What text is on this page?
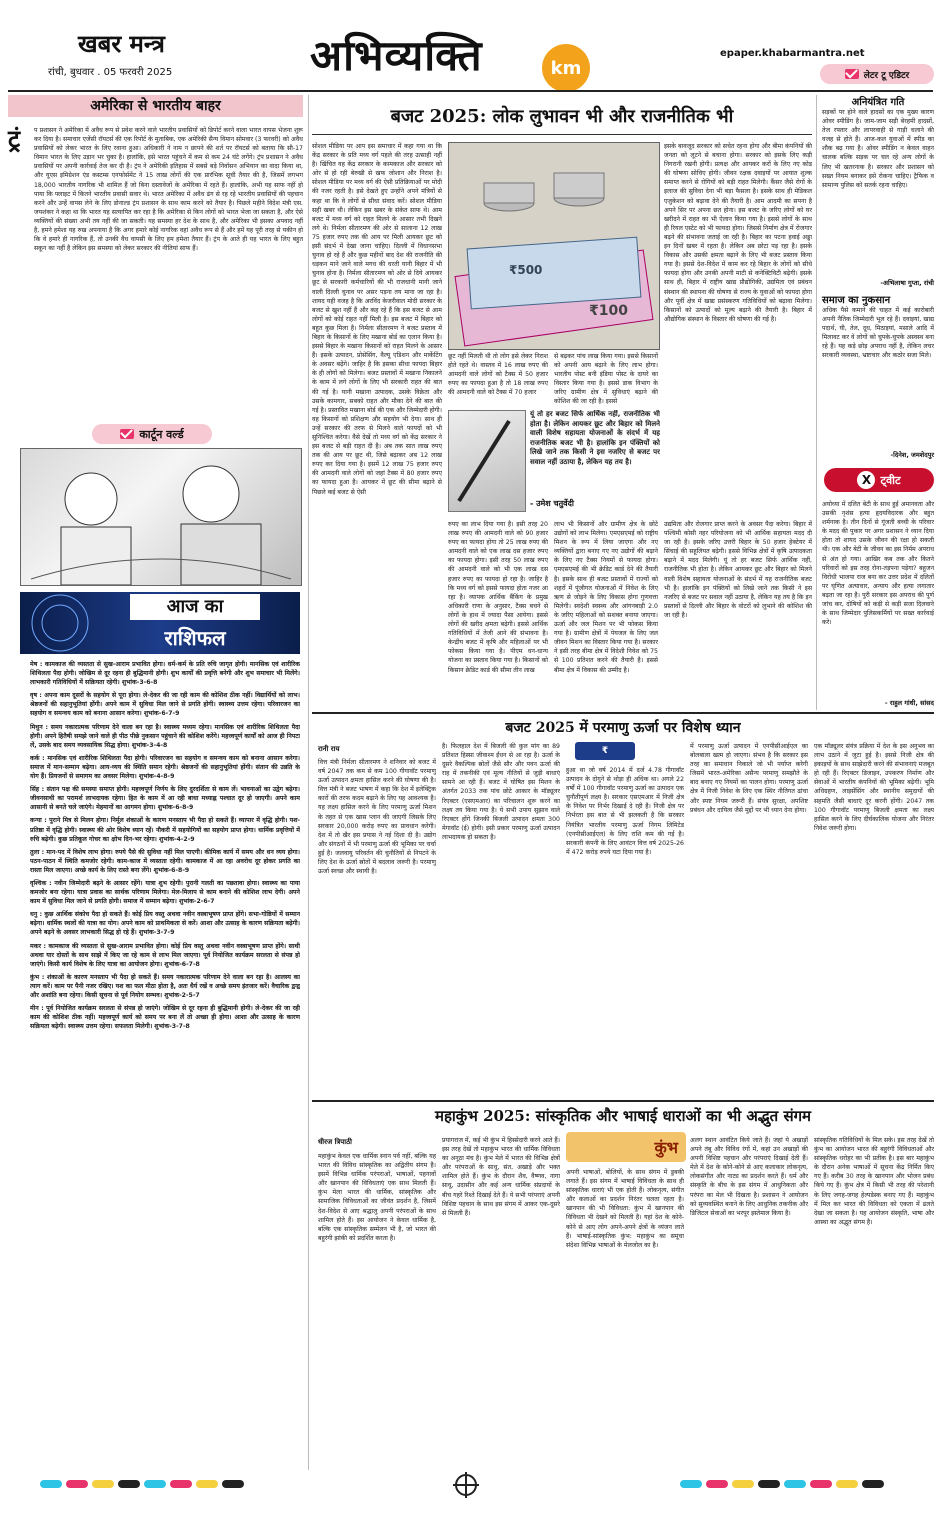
खबर मन्त्र
रांची, बुधवार . 05 फरवरी 2025	अभिव्यक्ति	km
epaper.khabarmantra.net
लेटर टू एडिटर
अमेरिका से भारतीय बाहर
ट्रं प प्रशासन ने अमेरिका में अवैध रूप से प्रवेश करने वाले भारतीय प्रवासियों को डिपोर्ट करने वाला भारत वापस भेजना शुरू कर दिया है। समाचार एजेंसी रॉयटर्स की एक रिपोर्ट के मुताबिक, एक अमेरिकी सैन्य विमान सोमवार (3 फरवरी) को अवैध प्रवासियों को लेकर भारत के लिए रवाना हुआ। अधिकारी ने नाम न छापने की शर्त पर रॉयटर्स को बताया कि सी-17 विमान भारत के लिए उड़ान भर चुका है। हालांकि, इसे भारत पहुंचने में कम से कम 24 घंटे लगेंगे। ट्रंप प्रशासन ने अवैध प्रवासियों पर अपनी कार्रवाई तेज कर दी है। ट्रंप ने अमेरिकी इतिहास में सबसे बड़े निर्वासन अभियान का वादा किया था, और यूएस इमिग्रेशन एंड कस्टम्स एनफोर्समेंट ने 15 लाख लोगों की एक प्रारंभिक सूची तैयार की है, जिसमें लगभग 18,000 भारतीय नागरिक भी शामिल हैं जो बिना दस्तावेजों के अमेरिका में रहते हैं। हालांकि, अभी यह साफ नहीं हो पाया कि फ्लाइट में कितने भारतीय प्रवासी सवार थे। भारत अमेरिका में अवैध ढंग से रह रहे भारतीय प्रवासियों की पहचान करने और उन्हें वापस लेने के लिए डोनाल्ड ट्रंप प्रशासन के साथ काम करने को तैयार है। पिछले महीने विदेश मंत्री एस. जयशंकर ने कहा था कि भारत यह सत्यापित कर रहा है कि अमेरिका से किन लोगों को भारत भेजा जा सकता है, और ऐसे व्यक्तियों की संख्या अभी तय नहीं की जा सकती। यह समस्या हर देश के साथ है, और अमेरिका भी इसका अपवाद नहीं है, हमने हमेशा यह रुख अपनाया है कि अगर हमारे कोई नागरिक वहां अवैध रूप से हैं और हमें यह पूरी तरह से यकीन हो कि वे हमारे ही नागरिक हैं, तो उनकी वैध वापसी के लिए हम हमेशा तैयार हैं। ट्रंप के आते ही यह भारत के लिए बहुत सकून का नहीं है लेकिन इस समस्या को लेकर सरकार की नीतियां साफ हैं।
कार्टून वर्ल्ड
आज का
राशिफल
मेष : कामकाज की व्यस्तता से सुख-आराम प्रभावित होगा। धर्म-कर्म के प्रति रुचि जागृत होगी। मानसिक एवं शारीरिक शिथिलता पैदा होगी। जोखिम से दूर रहना ही बुद्धिमानी होगी। शुभ कार्यों की प्रवृत्ति बनेगी और शुभ समाचार भी मिलेंगे। लाभकारी गतिविधियों में सक्रियता रहेगी। शुभांक-3-6-8
वृष : अपना काम दूसरों के सहयोग से पूरा होगा। ले-देकर की जा रही काम की कोशिश ठीक नहीं। विद्यार्थियों को लाभ। श्रेष्ठजनों की सहानुभूतियां होंगी। अपने काम में सुविधा मिल जाने से प्रगति होगी। स्वास्थ्य उत्तम रहेगा। परिवारजन का सहयोग व समन्वय काम को बनाना आसान करेगा। शुभांक-6-7-9
मिथुन : समय नकारात्मक परिणाम देने वाला बन रहा है। स्वास्थ्य मध्यम रहेगा। मानसिक एवं शारीरिक शिथिलता पैदा होगी। अपने हितैषी समझे जाने वाले ही पीठ पीछे नुकसान पहुंचाने की कोशिश करेंगे। महत्त्वपूर्ण कार्यों को आज ही निपटा लें, उसके बाद समय व्यवसायिक सिद्ध होगा। शुभांक-3-4-8
कर्क : मानसिक एवं शारीरिक शिथिलता पैदा होगी। परिवारजन का सहयोग व समन्वय काम को बनाना आसान करेगा। समाज में मान-सम्मान बढ़ेगा। आय-व्यय की स्थिति समान रहेगी। श्रेष्ठजनों की सहानुभूतियां होंगी। संतान की उन्नति के योग हैं। प्रियजनों से समागम का अवसर मिलेगा। शुभांक-4-8-9
सिंह : संतान पक्ष की समस्या समाप्त होगी। महत्त्वपूर्ण निर्णय के लिए दुरदर्शिता से काम लें। भावनाओं का उद्वेग बढ़ेगा। जीवनसाथी का परामर्श लाभदायक रहेगा। हित के काम में आ रही बाधा मध्याह्न पश्चात दूर हो जाएगी। अपने काम आसानी से बनते चले जाएंगे। मेहमानों का आगमन होगा। शुभांक-6-8-9
कन्या : पुराने मित्र से मिलन होगा। निर्मूल शंकाओं के कारण मनस्ताप भी पैदा हो सकते हैं। व्यापार में वृद्धि होगी। यश-प्रतिष्ठा में वृद्धि होगी। स्वास्थ्य की ओर विशेष ध्यान रहें। नौकरी में सहयोगियों का सहयोग प्राप्त होगा। धार्मिक प्रवृत्तियों में रुचि बढ़ेगी। कुछ प्रतिकूल गोचर का क्षोभ दिन-भर रहेगा। शुभांक-4-2-9
तुला : मान-पद में विशेष लाभ होगा। रुपये पैसे की सुविधा नहीं मिल पाएगी। कीमिक कार्य में समय और धन व्यय होगा। पठन-पाठन में स्थिति कमजोर रहेगी। काम-काज में व्यस्तता रहेगी। कामकाज में आ रहा अवरोध दूर होकर प्रगति का रास्ता मिल जाएगा। अच्छे कार्य के लिए रास्ते बना लेंगे। शुभांक-6-8-9
वृश्चिक : नवीन जिम्मेदारी बढ़ने के आसार रहेंगे। यात्रा शुभ रहेगी। पुरानी गलती का पछतावा होगा। स्वास्थ्य का पाया कमजोर बना रहेगा। यात्रा प्रवास का सार्थक परिणाम मिलेगा। मेल-मिलाप से काम बनाने की कोशिश लाभ देगी। अपने काम में सुविधा मिल जाने से प्रगति होगी। समाज में सम्मान बढ़ेगा। शुभांक-2-6-7
धनु : कुछ आर्थिक संकोच पैदा हो सकते हैं। कोई प्रिय वस्तु अथवा नवीन वस्त्राभूषण प्राप्त होंगे। सभा-गोष्ठियों में सम्मान बढ़ेगा। धार्मिक स्थलों की यात्रा का योग। अपने काम को प्राथमिकता से करें। आशा और उत्साह के कारण सक्रियता बढ़ेगी। अपने बढ़ने के अवसर लाभकारी सिद्ध हो रहे हैं। शुभांक-3-7-9
मकर : कामकाज की व्यस्तता से सुख-आराम प्रभावित होगा। कोई प्रिय वस्तु अथवा नवीन वस्त्राभूषण प्राप्त होंगे। साथी अथवा यार दोस्तों के साथ साझे में किए जा रहे काम से लाभ मिल जाएगा। पूर्व नियोजित कार्यक्रम सरलता से संपन्न हो जाएंगे। किसी कार्य विशेष के लिए यात्रा का आयोजन होगा। शुभांक-6-7-8
कुंभ : शंकाओं के कारण मनस्ताप भी पैदा हो सकते हैं। समय नकारात्मक परिणाम देने वाला बन रहा है। आलस्य का त्याग करें। काम पर पैनी नजर रखिए। यश का फल मीठा होता है, अतः धैर्य रखें व अच्छे समय इंतजार करें। वैचारिक द्वन्द्व और अशांति बना रहेगा। किसी सूचना से पूर्व नियोग सम्भव। शुभांक-2-5-7
मीन : पूर्व नियोजित कार्यक्रम सरलता से संपन्न हो जाएंगे। जोखिम से दूर रहना ही बुद्धिमानी होगी। ले-देकर की जा रही काम की कोशिश ठीक नहीं। महत्त्वपूर्ण कार्य को समय पर बना लें तो अच्छा ही होगा। आशा और उत्साह के कारण सक्रियता बढ़ेगी। स्वास्थ्य उत्तम रहेगा। सफलता मिलेगी। शुभांक-3-7-8
बजट 2025: लोक लुभावन भी और राजनीतिक भी
सोशल मीडिया पर आप इस समाचार में कहा गया था कि केंद्र सरकार के प्रति मध्य वर्ग पहले की तरह उत्साही नहीं है। खिंचित वह केंद्र सरकार के कामकाज और सरकार को ओर से हो रही बेरुखी से खफ जोशान और निराश है। सोशल मीडिया पर मध्य वर्ग की ऐसी प्रतिक्रियाओं पर मोदी की नजर रहती है। इसे देखते हुए उन्होंने अपने मंत्रियों से कहा था कि वे लोगों से सीधा संवाद करें। सोशल मीडिया सही खबर थी। लेकिन इस खबर के संकेत साफ थे। आम बजट में मध्य वर्ग को राहत मिलने के आसार तभी दिखने लगे थे। निर्मला सीतारमण की ओर से सालाना 12 लाख 75 हजार रुपए तक की आय पर मिली आयकर छूट को इसी संदर्भ में देखा जाना चाहिए। दिल्ली में विधानसभा चुनाव हो रहे हैं और कुछ महीनों बाद देश की राजनीति की धड़कन माने जाने वाले मगध की धरती यानी बिहार में भी चुनाव होना है। निर्मला सीतारमण को ओर से दिये आयकर छूट से सरकारी कर्मचारियों की भी राजधानी मानी जाने वाली दिल्ली चुनाव पर असर पड़ना तय माना जा रहा है। शायद यही वजह है कि अरविंद केजरीवाल मोदी सरकार के बजट से खुश नहीं हैं और कह रहे हैं कि इस बजट से आम लोगों को कोई राहत नहीं मिली है। इस बजट में बिहार को बहुत कुछ मिला है। निर्मला सीतारमण ने बजट प्रस्ताव में बिहार के किसानों के लिए मखाना बोर्ड का एलान किया है। इससे बिहार के मखाना किसानों को राहत मिलने के आसार हैं। इसके उत्पादन, प्रोसेसिंग, वैल्यू एडिशन और मार्केटिंग के अवसर बढ़ेंगे। जाहिर है कि इसका सीधा फायदा बिहार के ही लोगों को मिलेगा। बजट प्रस्तावों में मखाना निकालने के काम में लगे लोगों के लिए भी सरकारी राहत की बात की गई है। यानी मखाना उत्पादक, उसके विक्रेता और उसके कामगार, सबको राहत और मौका देने की बात की गई है। प्रस्तावित मखाना बोर्ड की एक और जिम्मेदारी होगी। वह किसानों को प्रशिक्षण और सहयोग भी देगा। साथ ही उन्हें सरकार की तरफ से मिलने वाले फायदों को भी सुनिश्चित करेगा। वैसे देखें तो मध्य वर्ग को केंद्र सरकार ने इस बजट से बड़ी राहत दी है। अब तक सात लाख रुपए तक की आय पर छूट थी, जिसे बढ़ाकर अब 12 लाख रुपए कर दिया गया है। इसमें 12 लाख 75 हजार रुपए की आमदनी वाले लोगों को जहां टैक्स में 80 हजार रुपए का फायदा हुआ है। आयकर में छूट की सीमा बढ़ाने से पिछले कई बजट से ऐसी
₹100
₹500
छूट नहीं मिलती थी तो लोग इसे लेकर निराश होते रहते थे। वास्तव में 16 लाख रुपए की आमदनी वाले लोगों को टैक्स में 50 हजार रुपए का फायदा हुआ है तो 18 लाख रुपए की आमदनी वाले को टैक्स में 70 हजार
से बढ़कर पांच लाख किया गया। इससे किसानों को अपनी आय बढ़ाने के लिए लाभ होगा। भारतीय पोस्ट बनी इंडिया पोस्ट के दायरे का विस्तार किया गया है। इससे डाक विभाग के जरिए ग्रामीण क्षेत्र में सुविधाएं बढ़ाने की कोशिश की जा रही है। इससे
यूं तो हर बजट सिर्फ आर्थिक नहीं, राजनीतिक भी होता है। लेकिन आयकर छूट और बिहार को मिलने वाली विशेष सहायता योजनाओं के संदर्भ में यह राजनीतिक बजट भी है। हालांकि इन पंक्तियों को लिखे जाने तक किसी ने इस नजरिए से बजट पर सवाल नहीं उठाया है, लेकिन यह तय है।
- उमेश चतुर्वेदी
रुपए का लाभ दिया गया है। इसी तरह 20 लाख रुपए की आमदनी वाले को 90 हजार रुपए का फायदा होगा तो 25 लाख रुपए की आमदनी वाले को एक लाख दस हजार रुपए का फायदा होगा। इसी तरह 50 लाख रुपए की आमदनी वाले को भी एक लाख दस हजार रुपए का फायदा हो रहा है। जाहिर है कि मध्य वर्ग को इससे फायदा होता नजर आ रहा है। व्यापक आर्थिक बैंकिंग के प्रमुख अधिकारी राणा के अनुसार, टैक्स बचने से लोगों के हाथ में ज्यादा पैसा आयेगा। इससे लोगों की खरीद क्षमता बढ़ेगी। इससे आर्थिक गतिविधियों में तेजी आने की संभावना है। केन्द्रीय बजट में कृषि और महिलाओं पर भी फोकस किया गया है। पीएम धन-धान्य योजना का प्रस्ताव किया गया है। किसानों को किसान क्रेडिट कार्ड की सीमा तीन लाख
लाभ भी किसानों और ग्रामीण क्षेत्र के छोटे उद्योगों को लाभ मिलेगा। एमएसएमई को राष्ट्रीय मिशन के रूप में लिया जाएगा और नए व्यक्तियों द्वारा बनाए गए नए उद्योगों की बढ़ाने के लिए नए टैक्स नियमों से फायदा होगा। एमएसएमई की भी क्रेडिट कार्ड देने की तैयारी है। इसके साथ ही बजट प्रस्तावों में राज्यों को शहरों में पूंजीगत योजनाओं में निवेश के लिए ऋण से जोड़ने के लिए विकास होगा गुणवत्ता मिलेगी। स्वदेशी स्वस्थ्य और आंगनबाड़ी 2.0 के जरिए महिलाओं को सशक्त बनाया जाएगा। ऊर्जा और जल मिशन पर भी फोकस किया गया है। ग्रामीण क्षेत्रों में पेयजल के लिए जल जीवन मिशन का विस्तार किया गया है। सरकार ने इसी तरह बीमा क्षेत्र में विदेशी निवेश को 75 से 100 प्रतिशत करने की तैयारी है। इससे बीमा क्षेत्र में विकास की उम्मीद है।
इसके बावजूद सरकार को सचेत रहना होगा और बीमा कंपनियों की जनता को लूटने से बचाना होगा। सरकार को इसके लिए कड़ी निगरानी रखनी होगी। प्रत्यक्ष और आयकर करों के लिए नए कोड की घोषणा सोचिए होगी। जीवन रक्षक दवाइयों पर आयात शुल्क समाप्त करने से रोगियों को बड़ी राहत मिलेगी। कैंसर जैसे रोगों के इलाज की सुविधा देना भी बड़ा फैसला है। इसके साथ ही मेडिकल एजुकेशन को बढ़ावा देने की तैयारी है। आम आदमी का सपना है अपने सिर पर अपना छत होना। इस बजट के जरिए लोगों को घर खरीदने में राहत का भी ऐलान किया गया है। इससे लोगों के साथ ही रियल एस्टेट को भी फायदा होगा। जिससे निर्माण क्षेत्र में रोजगार बढ़ने की संभावना जताई जा रही है। बिहार का पटना हवाई अड्डा इन दिनों खबर में रहता है। लेकिन अब छोटा पड़ रहा है। इसके विकास और उसकी क्षमता बढ़ाने के लिए भी बजट प्रस्ताव किया गया है। इससे देश-विदेश में काम कर रहे बिहार के लोगों को सीधे फायदा होगा और उनकी अपनी माटी से कनेक्टिविटी बढ़ेगी। इसके साथ ही, बिहार में राष्ट्रीय खाद्य प्रौद्योगिकी, उद्यमिता एवं प्रबंधन संस्थान की स्थापना की घोषणा से राज्य के युवाओं को फायदा होगा और पूर्वी क्षेत्र में खाद्य प्रसंस्करण गतिविधियों को बढ़ावा मिलेगा। किसानों को उत्पादों को मूल्य बढ़ाने की तैयारी है। बिहार में औद्योगिक संस्थान के विस्तार की घोषणा की गई है।
उद्यमिता और रोजगार प्राप्त करने के अवसर पैदा करेगा। बिहार में पश्चिमी कोसी नहर परियोजना को भी आर्थिक सहायता मदद दी जा रही है। इसके जरिए उत्तरी बिहार के 50 हजार हेक्टेयर में सिंचाई की सहूलियत बढ़ेगी। इससे विभिन्न क्षेत्रों में कृषि उत्पादकता बढ़ाने में मदद मिलेगी। यूं तो हर बजट सिर्फ आर्थिक नहीं, राजनीतिक भी होता है। लेकिन आयकर छूट और बिहार को मिलने वाली विशेष सहायता योजनाओं के संदर्भ में यह राजनीतिक बजट भी है। हालांकि इन पंक्तियों को लिखे जाने तक किसी ने इस नजरिए से बजट पर सवाल नहीं उठाया है, लेकिन यह तय है कि इन प्रस्तावों से दिल्ली और बिहार के वोटरों को लुभाने की कोशिश की जा रही है।
अनियंत्रित गति
सड़कों पर होने वाले हादसों का एक मुख्य कारण ओवर स्पीडिंग है। जाम-जाम सड़ी बेरहमी हादसों, तेज रफ्तार और लापरवाही से गाड़ी चलाने की वजह से होते हैं। आज-कल युवाओं में स्पीड का शौक बढ़ गया है। ओवर स्पीडिंग न केवल वाहन चालक बल्कि सड़क पर चल रहे अन्य लोगों के लिए भी खतरनाक है। सरकार और प्रशासन को सख्त नियम बनाकर इसे रोकना चाहिए। ट्रैफिक व सामान्य पुलिस को सतर्क रहना चाहिए।
-अभिलाषा गुप्ता, रांची
समाज का नुकसान
अधिक पैसे कमाने की चाहत में कई कारोबारी अपनी नैतिक जिम्मेदारी भूल रहे हैं। दवाइयां, खाद्य पदार्थ, घी, तेल, दूध, मिठाइयां, मसाले आदि में मिलावट कर वे लोगों को चुपके-चुपके अस्वस्थ बना रहे हैं। यह कड़े छोड़ अपराध नहीं है, लेकिन लचर सरकारी व्यवस्था, भ्रष्टाचार और कठोर सजा मिले।
-दिनेश, जमशेदपुर
X ट्वीट
अयोध्या में दलित बेटी के साथ हुई अमानवता और उसकी नृशंस हत्या हृदयविदारक और बहुत शर्मनाक है। तीन दिनों से गूंजती बच्ची के परिवार के मदद की पुकार पर अगर प्रशासन ने ध्यान दिया होता तो शायद उसके जीवन की रक्षा हो सकती थी। एक और बेटी के जीवन का इस निर्मम अपराध से अंत हो गया। आखिर कब तक और कितने परिवारों को इस तरह रोना-तड़पना पड़ेगा? बहुजन विरोधी भाजपा राज बना कर उत्तर प्रदेश में दलितों पर घृणित अत्याचार, अन्याय और हत्या लगातार बढ़ता जा रहा है। पुरी सरकार इस अपराध की पूर्ण जांच कर, दोषियों को कड़ी से कड़ी सजा दिलवाने के साथ जिम्मेदार पुलिसकर्मियों पर सख्त कार्रवाई करे।
- राहुल गांधी, सांसद
बजट 2025 में परमाणु ऊर्जा पर विशेष ध्यान
रानी राय
वित्त मंत्री निर्मला सीतारमण ने शनिवार को बजट में वर्ष 2047 तक कम से कम 100 गीगावॉट परमाणु ऊर्जा उत्पादन क्षमता हासिल करने की घोषणा की है। वित्त मंत्री ने बजट भाषण में कहा कि देश में इलेक्ट्रिक कारों की तरफ कदम बढ़ाने के लिए यह आवश्यक है। यह लक्ष्य हासिल करने के लिए परमाणु ऊर्जा मिशन के तहत से एक खास प्लान की जाएगी जिसके लिए सरकार 20,000 करोड़ रुपए का प्रावधान करेगी। देश में तो खैर इस प्रयास ने नई दिशा दी है। उद्योग और संगठनों में भी परमाणु ऊर्जा की भूमिका पर चर्चा हुई है। जलवायु परिवर्तन की चुनौतियों से निपटने के लिए देश के ऊर्जा स्रोतों में बदलाव जरूरी है। परमाणु ऊर्जा स्वच्छ और स्थायी है।
है। फिलहाल देश में बिजली की कुल मांग का 89 प्रतिशत हिस्सा जीवाश्म ईंधन से आ रहा है। ऊर्जा के दूसरे वैकल्पिक स्रोतों जैसे सौर और पवन ऊर्जा की राह में तकनीकी एवं मूल्य नीतियों से जुड़ी बाधाएं सामने आ रही हैं। बजट में घोषित इस मिशन के अंतर्गत 2033 तक पांच छोटे आकार के मॉड्यूलर रिएक्टर (एसएमआर) का परिचालन शुरू करने का लक्ष्य तय किया गया है। ये सभी उपाय सुझाव वाले रिएक्टर होंगे जिनकी बिजली उत्पादन क्षमता 300 मेगावॉट (ई) होगी। इसी प्रकार परमाणु ऊर्जा उत्पादन लाभदायक हो सकता है।
₹
हुआ था जो वर्ष 2014 में दर्ज 4.78 गीगावॉट उत्पादन के दोगुने से थोड़ा ही अधिक था। अगले 22 वर्षों में 100 गीगावॉट परमाणु ऊर्जा का उत्पादन एक चुनौतीपूर्ण लक्ष्य है। सरकार एसएमआर में निजी क्षेत्र के निवेश पर निर्भर दिखाई दे रही है। निजी क्षेत्र पर निर्भरता इस बात से भी झलकती है कि सरकार नियंत्रित भारतीय परमाणु ऊर्जा निगम लिमिटेड (एनपीसीआईएल) के लिए राशि कम की गई है। सरकारी कंपनी के लिए आवंटन वित्त वर्ष 2025-26 में 472 करोड़ रुपये घटा दिया गया है।
में परमाणु ऊर्जा उत्पादन में एनपीसीआईएल का बोलबाला खत्म हो जाएगा। संभव है कि सरकार इस तरह का समाधान निकाले जो भी पर्याप्त करेगी जिसमें भारत-अमेरिका असैन्य परमाणु समझौते के बाद बनाए गए नियमों का पालन होगा। परमाणु ऊर्जा क्षेत्र में निजी निवेश के लिए एक स्थिर नीतिगत ढांचा और स्पष्ट नियम जरूरी हैं। संयंत्र सुरक्षा, अपशिष्ट प्रबंधन और दायित्व जैसे मुद्दों पर भी ध्यान देना होगा।
एक मॉड्यूलर संयंत्र प्रक्रिया में देश के इस अनुभव का लाभ उठाने में जुटा हुई है। इससे निजी क्षेत्र की इकाइयों के साथ साझेदारी करने की संभावनाएं मजबूत हो रही हैं। रिएक्टर डिजाइन, उपकरण निर्माण और सेवाओं में भारतीय कंपनियों की भूमिका बढ़ेगी। भूमि अधिग्रहण, लाइसेंसिंग और स्थानीय समुदायों की सहमति जैसी बाधाएं दूर करनी होंगी। 2047 तक 100 गीगावॉट परमाणु बिजली क्षमता का लक्ष्य हासिल करने के लिए दीर्घकालिक योजना और निरंतर निवेश जरूरी होगा।
महाकुंभ 2025: सांस्कृतिक और भाषाई धाराओं का भी अद्भुत संगम
धीरज त्रिपाठी
महाकुंभ केवल एक धार्मिक स्नान पर्व नहीं, बल्कि यह भारत की विविध सांस्कृतिक का अद्वितीय संगम है। इसमें विभिन्न धार्मिक परंपराओं, भाषाओं, पहनावों और खानपान की विविधताएं एक साथ मिलती हैं। कुंभ मेला भारत की धार्मिक, सांस्कृतिक और सामाजिक विविधताओं का जीवंत प्रदर्शन है, जिसमें देश-विदेश से आए श्रद्धालु अपनी परंपराओं के साथ शामिल होते हैं। इस आयोजन ने केवल धार्मिक है, बल्कि एक सांस्कृतिक सम्मेलन भी है, जो भारत की बहुरंगी झांकी को प्रदर्शित करता है।
प्रयागराज में, कई भी कुंभ में हिस्सेदारी करने आते हैं। इस तरह देखें तो महाकुंभ भारत की धार्मिक विविधता का अनूठा मंच है। कुंभ मेले में भारत की विभिन्न क्षेत्रों और परंपराओं के साधु, संत, अखाड़े और भक्त शामिल होते हैं। कुंभ के दौरान शैव, वैष्णव, नागा साधु, उदासीन और कई अन्य धार्मिक संप्रदायों के बीच गहरे रिश्ते दिखाई देते हैं। ये सभी परंपराएं अपनी विशिष्ट पहचान के साथ इस संगम में आकर एक-दूसरे से मिलती हैं।
कुंभ
अपनी भाषाओं, बोलियों, के साथ संगम में डुबकी लगाते हैं। इस संगम में भाषाई विविधता के साथ ही सांस्कृतिक धाराएं भी एक होती हैं। लोकनृत्य, संगीत और कलाओं का प्रदर्शन निरंतर चलता रहता है। खानपान की भी विविधता: कुंभ में खानपान की विविधता भी देखने को मिलती है। यहां देश के कोने-कोने से आए लोग अपने-अपने क्षेत्रों के व्यंजन लाते हैं। भाषाई-सांस्कृतिक कुंभ: महाकुंभ का समूचा संदेशा विभिन्न भाषाओं के मेलजोल का है।
अलग स्थान आवंटित किये जाते हैं। जहां ये अखाड़ों अपने तंबू और विविध रंगों में, कहां उन अखाड़ों की अपनी विशिष्ट पहचान और परंपराएं दिखाई देती हैं। मेले में देश के कोने-कोने से आए कलाकार लोकनृत्य, लोकसंगीत और नाट्य का प्रदर्शन करते हैं। धर्म और संस्कृति के बीच के इस संगम में आधुनिकता और परंपरा का मेल भी दिखता है। प्रशासन ने आयोजन को सुव्यवस्थित बनाने के लिए आधुनिक तकनीक और डिजिटल सेवाओं का भरपूर इस्तेमाल किया है।
सांस्कृतिक गतिविधियों के मिल सके। इस तरह देखें तो कुंभ का आयोजन भारत की बहुरंगी विविधताओं और सांस्कृतिक धरोहर का भी प्रतीक है। इस बार महाकुंभ के दौरान अनेक भाषाओं में सूचना केंद्र निर्मित किए गए हैं। करीब 30 तरह के खानपान और भोजन प्रबंध किये गए हैं। कुंभ क्षेत्र में किसी भी तरह की परेशानी के लिए जगह-जगह हेल्पडेस्क बनाए गए हैं। महाकुंभ में मिल कर भारत की विविधता को एकता में ढलते देखा जा सकता है। यह आयोजन संस्कृति, भाषा और आस्था का अद्भुत संगम है।
